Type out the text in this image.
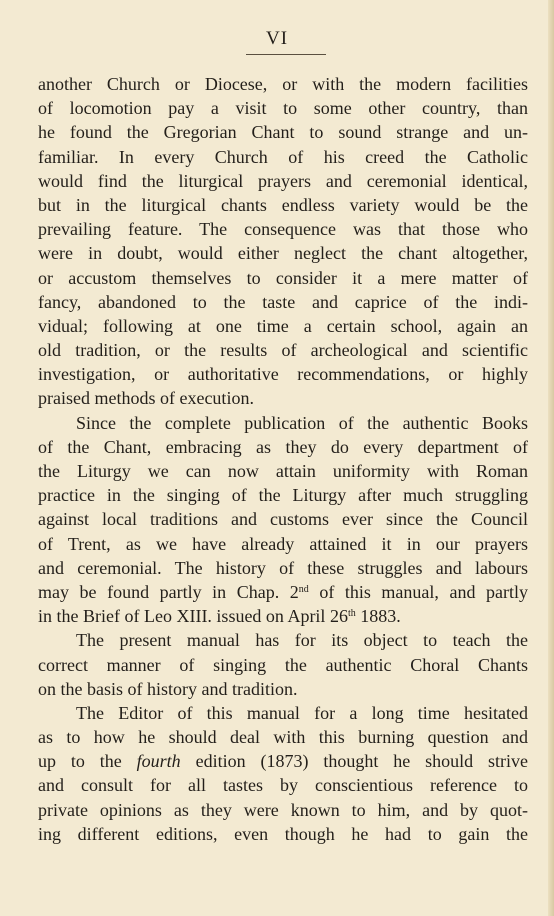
VI
another Church or Diocese, or with the modern facilities
of locomotion pay a visit to some other country, than
he found the Gregorian Chant to sound strange and un-
familiar. In every Church of his creed the Catholic
would find the liturgical prayers and ceremonial identical,
but in the liturgical chants endless variety would be the
prevailing feature. The consequence was that those who
were in doubt, would either neglect the chant altogether,
or accustom themselves to consider it a mere matter of
fancy, abandoned to the taste and caprice of the indi-
vidual; following at one time a certain school, again an
old tradition, or the results of archeological and scientific
investigation, or authoritative recommendations, or highly
praised methods of execution.
Since the complete publication of the authentic Books
of the Chant, embracing as they do every department of
the Liturgy we can now attain uniformity with Roman
practice in the singing of the Liturgy after much struggling
against local traditions and customs ever since the Council
of Trent, as we have already attained it in our prayers
and ceremonial. The history of these struggles and labours
may be found partly in Chap. 2nd of this manual, and partly
in the Brief of Leo XIII. issued on April 26th 1883.
The present manual has for its object to teach the
correct manner of singing the authentic Choral Chants
on the basis of history and tradition.
The Editor of this manual for a long time hesitated
as to how he should deal with this burning question and
up to the fourth edition (1873) thought he should strive
and consult for all tastes by conscientious reference to
private opinions as they were known to him, and by quot-
ing different editions, even though he had to gain the
